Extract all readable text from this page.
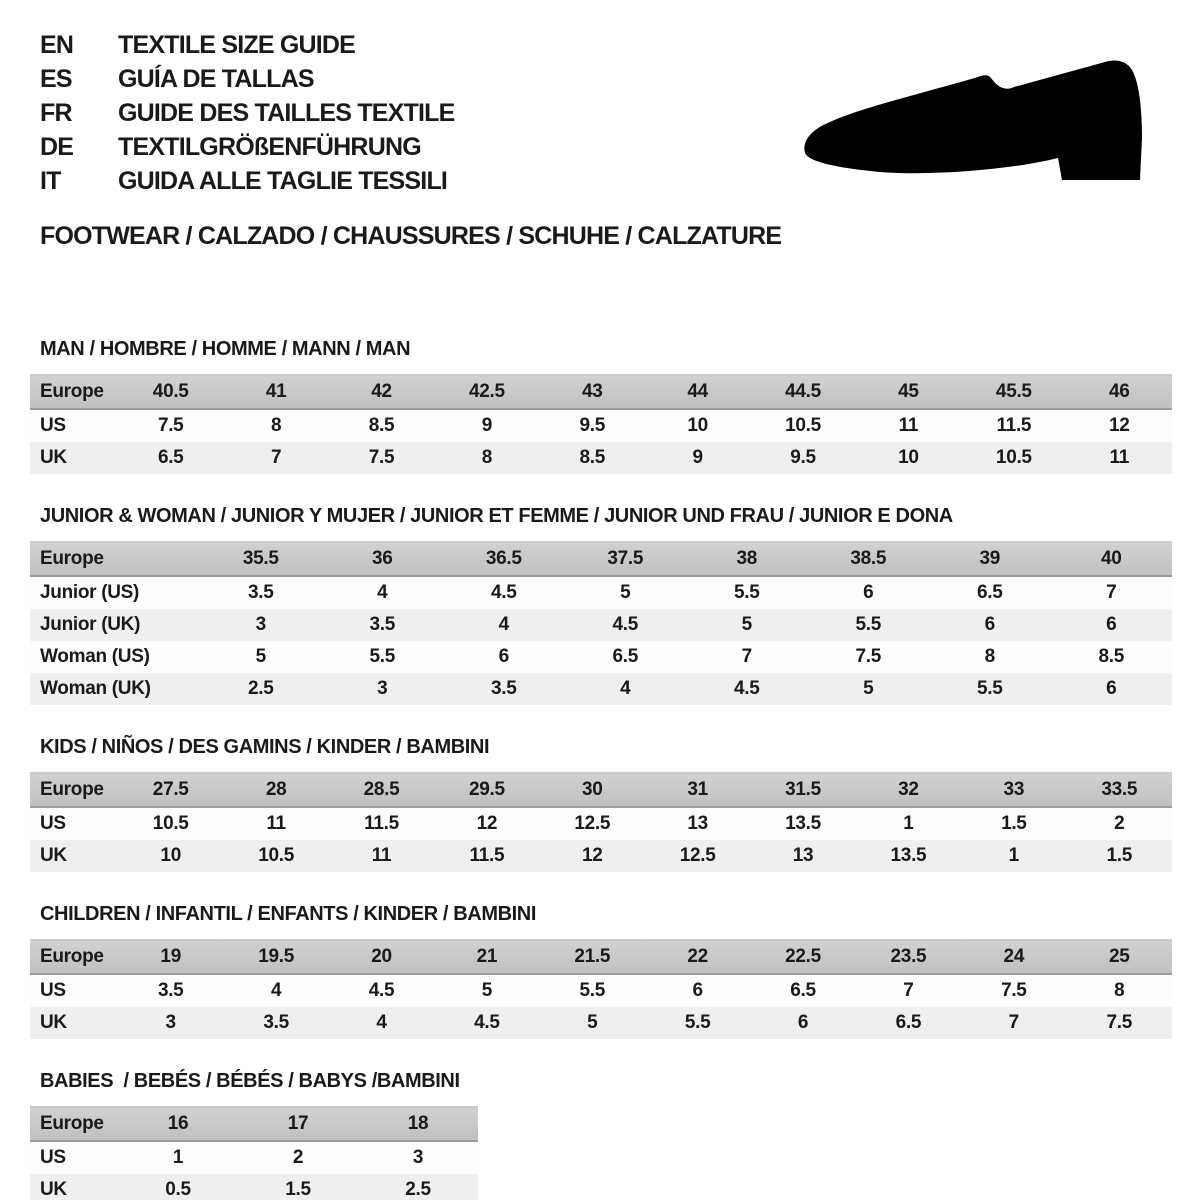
EN	TEXTILE SIZE GUIDE
ES	GUÍA DE TALLAS
FR	GUIDE DES TAILLES TEXTILE
DE	TEXTILGRÖßENFÜHRUNG
IT	GUIDA ALLE TAGLIE TESSILI
FOOTWEAR / CALZADO / CHAUSSURES / SCHUHE / CALZATURE
MAN / HOMBRE / HOMME / MANN / MAN
Europe	40.5	41	42	42.5	43	44	44.5	45	45.5	46
US	7.5	8	8.5	9	9.5	10	10.5	11	11.5	12
UK	6.5	7	7.5	8	8.5	9	9.5	10	10.5	11
JUNIOR & WOMAN / JUNIOR Y MUJER / JUNIOR ET FEMME / JUNIOR UND FRAU / JUNIOR E DONA
Europe	35.5	36	36.5	37.5	38	38.5	39	40
Junior (US)	3.5	4	4.5	5	5.5	6	6.5	7
Junior (UK)	3	3.5	4	4.5	5	5.5	6	6
Woman (US)	5	5.5	6	6.5	7	7.5	8	8.5
Woman (UK)	2.5	3	3.5	4	4.5	5	5.5	6
KIDS / NIÑOS / DES GAMINS / KINDER / BAMBINI
Europe	27.5	28	28.5	29.5	30	31	31.5	32	33	33.5
US	10.5	11	11.5	12	12.5	13	13.5	1	1.5	2
UK	10	10.5	11	11.5	12	12.5	13	13.5	1	1.5
CHILDREN / INFANTIL / ENFANTS / KINDER / BAMBINI
Europe	19	19.5	20	21	21.5	22	22.5	23.5	24	25
US	3.5	4	4.5	5	5.5	6	6.5	7	7.5	8
UK	3	3.5	4	4.5	5	5.5	6	6.5	7	7.5
BABIES  / BEBÉS / BÉBÉS / BABYS /BAMBINI
Europe	16	17	18
US	1	2	3
UK	0.5	1.5	2.5
